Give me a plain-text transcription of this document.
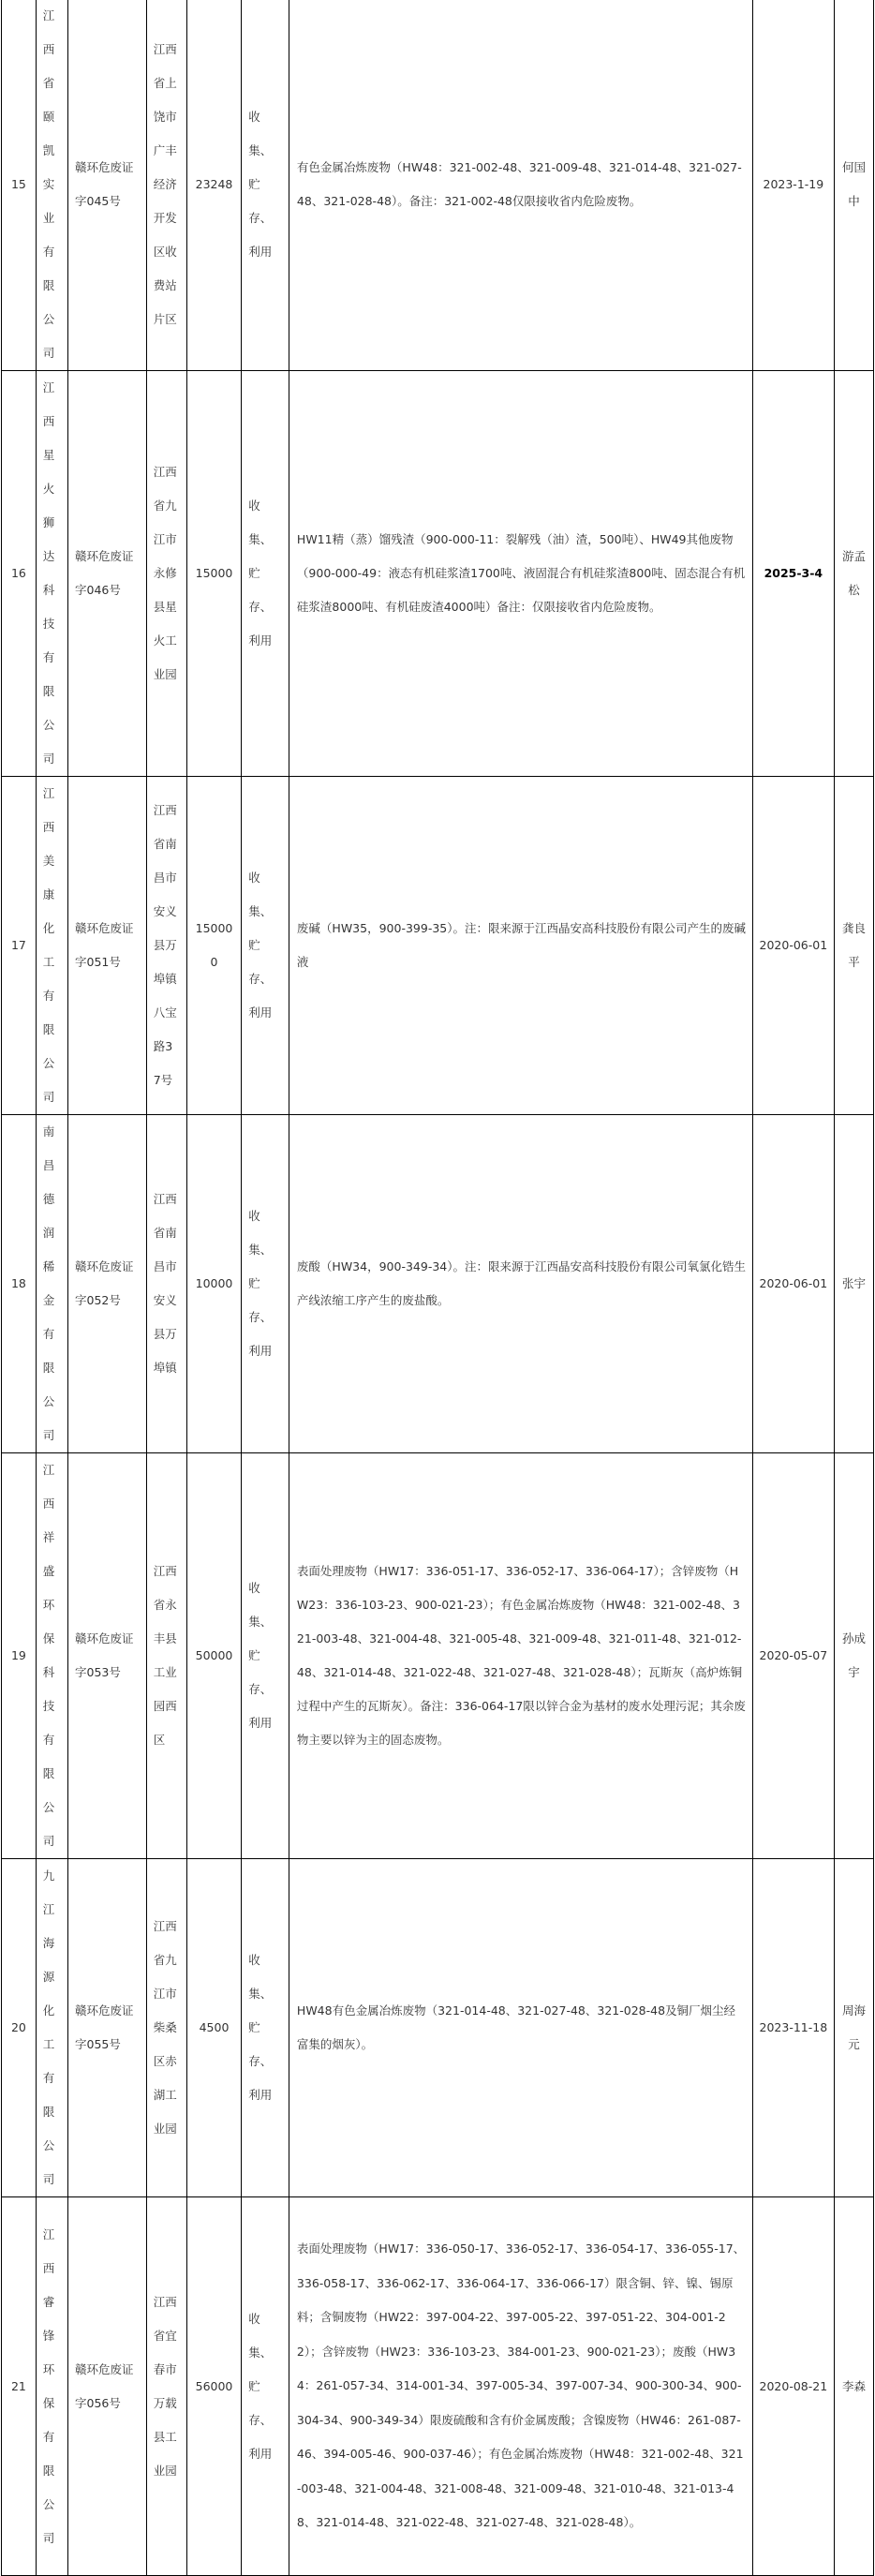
15	江西省颐凯实业有限公司	赣环危废证字045号	江西省上饶市广丰经济开发区收费站片区	23248	收集、贮存、利用	有色金属冶炼废物（HW48：321-002-48、321-009-48、321-014-48、321-027-48、321-028-48）。备注：321-002-48仅限接收省内危险废物。	2023-1-19	何国中
16	江西星火狮达科技有限公司	赣环危废证字046号	江西省九江市永修县星火工业园	15000	收集、贮存、利用	HW11精（蒸）馏残渣（900-000-11：裂解残（油）渣，500吨）、HW49其他废物（900-000-49：液态有机硅浆渣1700吨、液固混合有机硅浆渣800吨、固态混合有机硅浆渣8000吨、有机硅废渣4000吨）备注：仅限接收省内危险废物。	2025-3-4	游孟松
17	江西美康化工有限公司	赣环危废证字051号	江西省南昌市安义县万埠镇八宝路37号	150000	收集、贮存、利用	废碱（HW35，900-399-35）。注：限来源于江西晶安高科技股份有限公司产生的废碱液	2020-06-01	龚良平
18	南昌德润稀金有限公司	赣环危废证字052号	江西省南昌市安义县万埠镇	10000	收集、贮存、利用	废酸（HW34，900-349-34）。注：限来源于江西晶安高科技股份有限公司氧氯化锆生产线浓缩工序产生的废盐酸。	2020-06-01	张宇
19	江西祥盛环保科技有限公司	赣环危废证字053号	江西省永丰县工业园西区	50000	收集、贮存、利用	表面处理废物（HW17：336-051-17、336-052-17、336-064-17）；含锌废物（HW23：336-103-23、900-021-23）；有色金属冶炼废物（HW48：321-002-48、321-003-48、321-004-48、321-005-48、321-009-48、321-011-48、321-012-48、321-014-48、321-022-48、321-027-48、321-028-48）；瓦斯灰（高炉炼铜过程中产生的瓦斯灰）。备注：336-064-17限以锌合金为基材的废水处理污泥；其余废物主要以锌为主的固态废物。	2020-05-07	孙成宇
20	九江海源化工有限公司	赣环危废证字055号	江西省九江市柴桑区赤湖工业园	4500	收集、贮存、利用	HW48有色金属冶炼废物（321-014-48、321-027-48、321-028-48及铜厂烟尘经富集的烟灰）。	2023-11-18	周海元
21	江西睿锋环保有限公司	赣环危废证字056号	江西省宜春市万载县工业园	56000	收集、贮存、利用	表面处理废物（HW17：336-050-17、336-052-17、336-054-17、336-055-17、336-058-17、336-062-17、336-064-17、336-066-17）限含铜、锌、镍、锡原料；含铜废物（HW22：397-004-22、397-005-22、397-051-22、304-001-22）；含锌废物（HW23：336-103-23、384-001-23、900-021-23）；废酸（HW34：261-057-34、314-001-34、397-005-34、397-007-34、900-300-34、900-304-34、900-349-34）限废硫酸和含有价金属废酸；含镍废物（HW46：261-087-46、394-005-46、900-037-46）；有色金属冶炼废物（HW48：321-002-48、321-003-48、321-004-48、321-008-48、321-009-48、321-010-48、321-013-48、321-014-48、321-022-48、321-027-48、321-028-48）。	2020-08-21	李森
